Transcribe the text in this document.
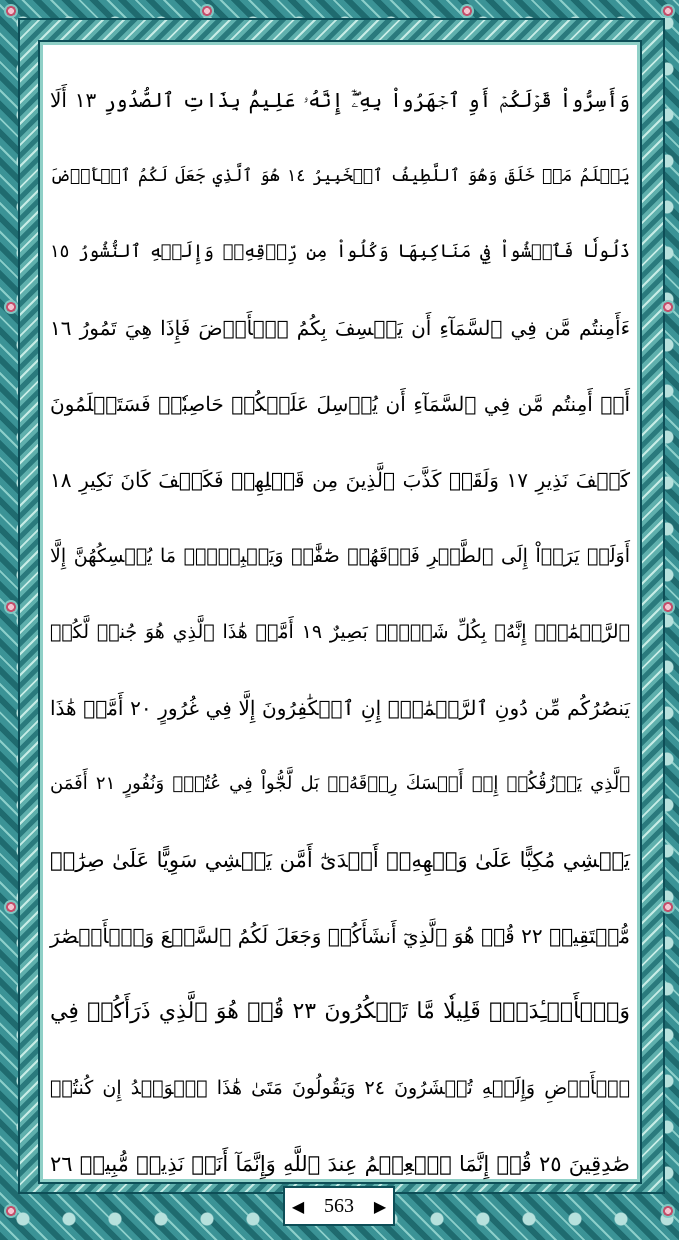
وَأَسِرُّواْ قَوۡلَكُمۡ أَوِ ٱجۡهَرُواْ بِهِۦٓۖ إِنَّهُۥ عَلِيمُۢ بِذَاتِ ٱلصُّدُورِ ١٣ أَلَا
يَعۡلَمُ مَنۡ خَلَقَ وَهُوَ ٱللَّطِيفُ ٱلۡخَبِيرُ ١٤ هُوَ ٱلَّذِي جَعَلَ لَكُمُ ٱلۡأَرۡضَ
ذَلُولٗا فَٱمۡشُواْ فِي مَنَاكِبِهَا وَكُلُواْ مِن رِّزۡقِهِۦۖ وَإِلَيۡهِ ٱلنُّشُورُ ١٥
ءَأَمِنتُم مَّن فِي ٱلسَّمَآءِ أَن يَخۡسِفَ بِكُمُ ٱلۡأَرۡضَ فَإِذَا هِيَ تَمُورُ ١٦
أَمۡ أَمِنتُم مَّن فِي ٱلسَّمَآءِ أَن يُرۡسِلَ عَلَيۡكُمۡ حَاصِبٗاۖ فَسَتَعۡلَمُونَ
كَيۡفَ نَذِيرِ ١٧ وَلَقَدۡ كَذَّبَ ٱلَّذِينَ مِن قَبۡلِهِمۡ فَكَيۡفَ كَانَ نَكِيرِ ١٨
أَوَلَمۡ يَرَوۡاْ إِلَى ٱلطَّيۡرِ فَوۡقَهُمۡ صَٰٓفَّٰتٖ وَيَقۡبِضۡنَۚ مَا يُمۡسِكُهُنَّ إِلَّا
ٱلرَّحۡمَٰنُۚ إِنَّهُۥ بِكُلِّ شَيۡءِۭ بَصِيرٌ ١٩ أَمَّنۡ هَٰذَا ٱلَّذِي هُوَ جُندٞ لَّكُمۡ
يَنصُرُكُم مِّن دُونِ ٱلرَّحۡمَٰنِۚ إِنِ ٱلۡكَٰفِرُونَ إِلَّا فِي غُرُورٍ ٢٠ أَمَّنۡ هَٰذَا
ٱلَّذِي يَرۡزُقُكُمۡ إِنۡ أَمۡسَكَ رِزۡقَهُۥۚ بَل لَّجُّواْ فِي عُتُوّٖ وَنُفُورٍ ٢١ أَفَمَن
يَمۡشِي مُكِبًّا عَلَىٰ وَجۡهِهِۦٓ أَهۡدَىٰٓ أَمَّن يَمۡشِي سَوِيًّا عَلَىٰ صِرَٰطٖ
مُّسۡتَقِيمٖ ٢٢ قُلۡ هُوَ ٱلَّذِيٓ أَنشَأَكُمۡ وَجَعَلَ لَكُمُ ٱلسَّمۡعَ وَٱلۡأَبۡصَٰرَ
وَٱلۡأَفۡـِٔدَةَۚ قَلِيلٗا مَّا تَشۡكُرُونَ ٢٣ قُلۡ هُوَ ٱلَّذِي ذَرَأَكُمۡ فِي
ٱلۡأَرۡضِ وَإِلَيۡهِ تُحۡشَرُونَ ٢٤ وَيَقُولُونَ مَتَىٰ هَٰذَا ٱلۡوَعۡدُ إِن كُنتُمۡ
صَٰدِقِينَ ٢٥ قُلۡ إِنَّمَا ٱلۡعِلۡمُ عِندَ ٱللَّهِ وَإِنَّمَآ أَنَا۠ نَذِيرٞ مُّبِينٞ ٢٦
◀ 563 ▶
